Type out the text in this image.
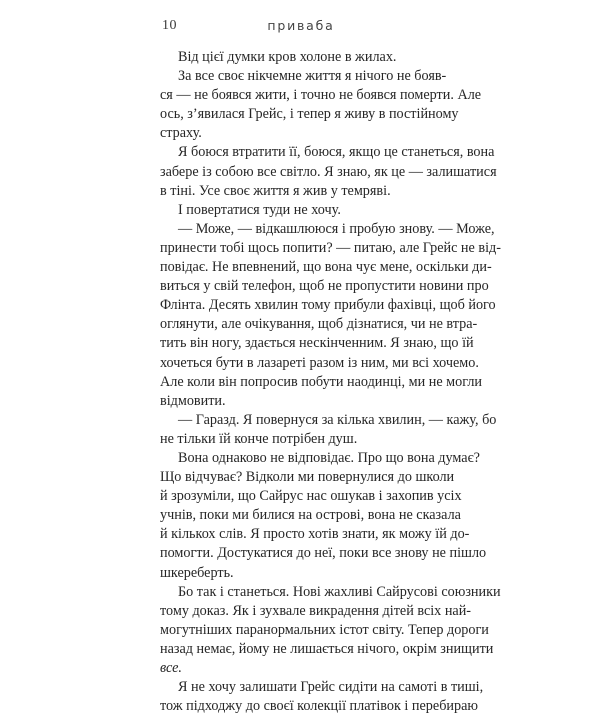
10	приваба
Від цієї думки кров холоне в жилах.
За все своє нікчемне життя я нічого не бояв-
ся — не боявся жити, і точно не боявся померти. Але
ось, з’явилася Грейс, і тепер я живу в постійному
страху.
Я боюся втратити її, боюся, якщо це станеться, вона
забере із собою все світло. Я знаю, як це — залишатися
в тіні. Усе своє життя я жив у темряві.
І повертатися туди не хочу.
— Може, — відкашлююся і пробую знову. — Може,
принести тобі щось попити? — питаю, але Грейс не від-
повідає. Не впевнений, що вона чує мене, оскільки ди-
виться у свій телефон, щоб не пропустити новини про
Флінта. Десять хвилин тому прибули фахівці, щоб його
оглянути, але очікування, щоб дізнатися, чи не втра-
тить він ногу, здається нескінченним. Я знаю, що їй
хочеться бути в лазареті разом із ним, ми всі хочемо.
Але коли він попросив побути наодинці, ми не могли
відмовити.
— Гаразд. Я повернуся за кілька хвилин, — кажу, бо
не тільки їй конче потрібен душ.
Вона однаково не відповідає. Про що вона думає?
Що відчуває? Відколи ми повернулися до школи
й зрозуміли, що Сайрус нас ошукав і захопив усіх
учнів, поки ми билися на острові, вона не сказала
й кількох слів. Я просто хотів знати, як можу їй до-
помогти. Достукатися до неї, поки все знову не пішло
шкереберть.
Бо так і станеться. Нові жахливі Сайрусові союзники
тому доказ. Як і зухвале викрадення дітей всіх най-
могутніших паранормальних істот світу. Тепер дороги
назад немає, йому не лишається нічого, окрім знищити
все.
Я не хочу залишати Грейс сидіти на самоті в тиші,
тож підходжу до своєї колекції платівок і перебираю
